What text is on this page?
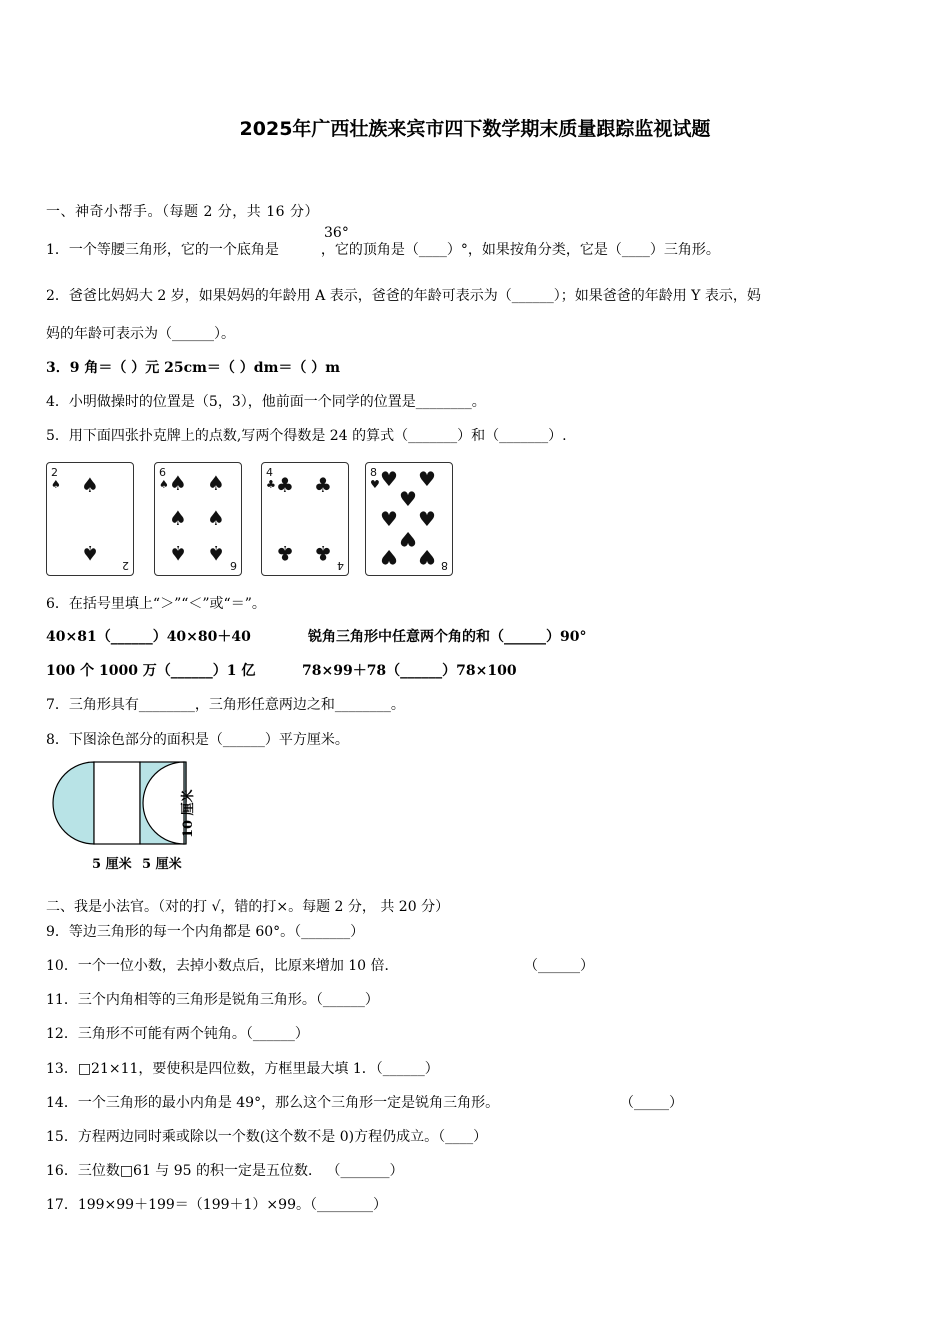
2025年广西壮族来宾市四下数学期末质量跟踪监视试题
一、神奇小帮手。（每题 2 分，共 16 分）
36°
1．一个等腰三角形，它的一个底角是　　　，它的顶角是（____）°，如果按角分类，它是（____）三角形。
2．爸爸比妈妈大 2 岁，如果妈妈的年龄用 A 表示，爸爸的年龄可表示为（______）；如果爸爸的年龄用 Y 表示，妈
妈的年龄可表示为（______）。
3．9 角＝（ ）元 25cm＝（ ）dm＝（ ）m
4．小明做操时的位置是（5，3），他前面一个同学的位置是________。
5．用下面四张扑克牌上的点数,写两个得数是 24 的算式（_______）和（_______）.
2
♠ ♠
♠
2
6
♠ ♠ ♠
♠ ♠
♠ ♠
6
4
♣ ♣ ♣
♣ ♣
4
8
♥ ♥ ♥
♥
♥ ♥
♥
♥ ♥ 8
6．在括号里填上“＞”“＜”或“＝”。
40×81（______）40×80＋40	锐角三角形中任意两个角的和（______）90°
100 个 1000 万（______）1 亿	78×99＋78（______）78×100
7．三角形具有________，三角形任意两边之和________。
8．下图涂色部分的面积是（______）平方厘米。
5 厘米 5 厘米
10 厘米
二、我是小法官。（对的打 √，错的打×。每题 2 分， 共 20 分）
9．等边三角形的每一个内角都是 60°。（_______）
10．一个一位小数，去掉小数点后，比原来增加 10 倍．	（______）
11．三个内角相等的三角形是锐角三角形。（______）
12．三角形不可能有两个钝角。（______）
13．□21×11，要使积是四位数，方框里最大填 1．（______）
14．一个三角形的最小内角是 49°，那么这个三角形一定是锐角三角形。	（_____）
15．方程两边同时乘或除以一个数(这个数不是 0)方程仍成立。（____）
16．三位数□61 与 95 的积一定是五位数． （_______）
17．199×99＋199＝（199＋1）×99。（________）
